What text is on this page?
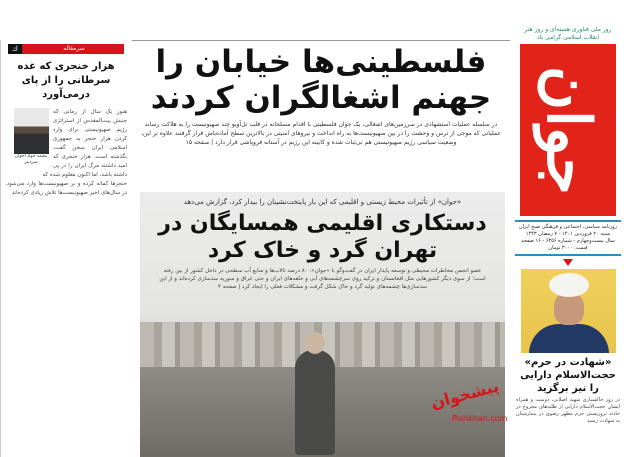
فلسطینی‌ها خیابان را جهنم اشغالگران کردند
در سلسله عملیات استشهادی در سرزمین‌های اشغالی، یک جوان فلسطینی با اقدام مسلحانه در قلب تل‌آویو چند صهیونیست را به هلاکت رساند عملیاتی که موجی از ترس و وحشت را در بین صهیونیست‌ها به راه انداخت و نیروهای امنیتی در بالاترین سطح آماده‌باش قرار گرفتند علاوه بر این، وضعیت سیاسی رژیم صهیونیستی هم بی‌ثبات شده و کابینه این رژیم در آستانه فروپاشی قرار دارد | صفحه ۱۵
«جوان» از تأثیرات محیط زیستی و اقلیمی که این بار پایتخت‌نشینان را بیدار کرد، گزارش می‌دهد
دستکاری اقلیمی همسایگان در تهران گرد و خاک کرد
عضو انجمن مخاطرات محیطی و توسعه پایدار ایران در گفت‌وگو با «جوان»: ۸۰ درصد تالاب‌ها و منابع آب سطحی در داخل کشور از بین رفته است؛ از سوی دیگر کشورهایی مثل افغانستان و ترکیه روی سرچشمه‌های آبی و حلقه‌های ایران و حتی عراق و سوریه سدسازی کرده‌اند و از این سدسازی‌ها چشمه‌های تولید گرد و خاک شکل گرفت و مشکلات فعلی را ایجاد کرد | صفحه ۴
سرمقاله
ك
هزار خنجری که غده سرطانی را از پای درمی‌آورد
محمد جواد اخوان
سردبیر
هنوز یک سال از زمانی که جنبش بیت‌المقدس از استراتژی رژیم صهیونیستی برای وارد کردن هزار خنجر به جمهوری اسلامی ایران سخن گفت، نگذشته است. هزار خنجری که امید داشتند مرگ ایران را در پی داشته باشد، اما اکنون معلوم شده که
خنجرها کمانه کرده و بر صهیونیست‌ها وارد می‌شود. در سال‌های اخیر صهیونیست‌ها تلاش زیادی کرده‌اند
روز ملی فناوری هسته‌ای و روز هنر انقلاب اسلامی گرامی باد
جوان
روزنامه سیاسی، اجتماعی و فرهنگی صبح ایران
شنبه ۲۰ فروردین ۱۴۰۱ - ۷ رمضان ۱۴۴۳
سال بیست‌وچهارم - شماره ۶۴۵۶ - ۱۶ صفحه
قیمت: ۳۰۰۰ تومان
«شهادت در حرم» حجت‌الاسلام دارایی را نیز برگزید
در روز خاکسپاری شهید اصلانی، دوست و همراه ایشان حجت‌الاسلام دارایی از طلبه‌های مجروح در حادثه تروریستی حرم مطهر رضوی در بیمارستان به شهادت رسید
پیشخوان
Pishkhan.com
